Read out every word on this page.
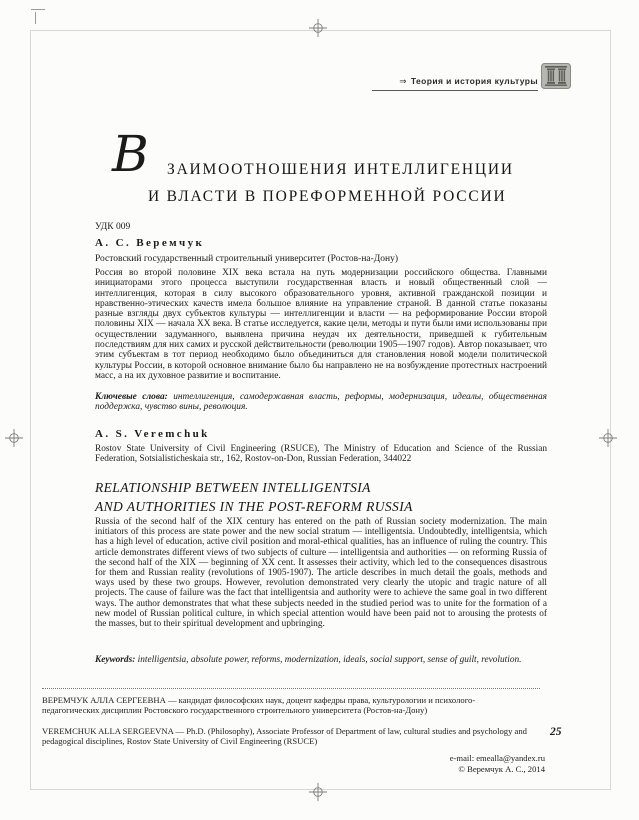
⇒ Теория и история культуры
В ЗАИМООТНОШЕНИЯ ИНТЕЛЛИГЕНЦИИ
И ВЛАСТИ В ПОРЕФОРМЕННОЙ РОССИИ
УДК 009
А. С. Веремчук
Ростовский государственный строительный университет (Ростов-на-Дону)
Россия во второй половине XIX века встала на путь модернизации российского общества. Главными инициаторами этого процесса выступили государственная власть и новый общественный слой — интеллигенция, которая в силу высокого образовательного уровня, активной гражданской позиции и нравственно-этических качеств имела большое влияние на управление страной. В данной статье показаны разные взгляды двух субъектов культуры — интеллигенции и власти — на реформирование России второй половины XIX — начала XX века. В статье исследуется, какие цели, методы и пути были ими использованы при осуществлении задуманного, выявлена причина неудач их деятельности, приведшей к губительным последствиям для них самих и русской действительности (революции 1905—1907 годов). Автор показывает, что этим субъектам в тот период необходимо было объединиться для становления новой модели политической культуры России, в которой основное внимание было бы направлено не на возбуждение протестных настроений масс, а на их духовное развитие и воспитание.
Ключевые слова: интеллигенция, самодержавная власть, реформы, модернизация, идеалы, общественная поддержка, чувство вины, революция.
A. S. Veremchuk
Rostov State University of Civil Engineering (RSUCE), The Ministry of Education and Science of the Russian Federation, Sotsialisticheskaia str., 162, Rostov-on-Don, Russian Federation, 344022
RELATIONSHIP BETWEEN INTELLIGENTSIA
AND AUTHORITIES IN THE POST-REFORM RUSSIA
Russia of the second half of the XIX century has entered on the path of Russian society modernization. The main initiators of this process are state power and the new social stratum — intelligentsia. Undoubtedly, intelligentsia, which has a high level of education, active civil position and moral-ethical qualities, has an influence of ruling the country. This article demonstrates different views of two subjects of culture — intelligentsia and authorities — on reforming Russia of the second half of the XIX — beginning of XX cent. It assesses their activity, which led to the consequences disastrous for them and Russian reality (revolutions of 1905-1907). The article describes in much detail the goals, methods and ways used by these two groups. However, revolution demonstrated very clearly the utopic and tragic nature of all projects. The cause of failure was the fact that intelligentsia and authority were to achieve the same goal in two different ways. The author demonstrates that what these subjects needed in the studied period was to unite for the formation of a new model of Russian political culture, in which special attention would have been paid not to arousing the protests of the masses, but to their spiritual development and upbringing.
Keywords: intelligentsia, absolute power, reforms, modernization, ideals, social support, sense of guilt, revolution.
ВЕРЕМЧУК АЛЛА СЕРГЕЕВНА — кандидат философских наук, доцент кафедры права, культурологии и психолого-педагогических дисциплин Ростовского государственного строительного университета (Ростов-на-Дону)
VEREMCHUK ALLA SERGEEVNA — Ph.D. (Philosophy), Associate Professor of Department of law, cultural studies and psychology and pedagogical disciplines, Rostov State University of Civil Engineering (RSUCE)
25
e-mail: emealla@yandex.ru
© Веремчук А. С., 2014
